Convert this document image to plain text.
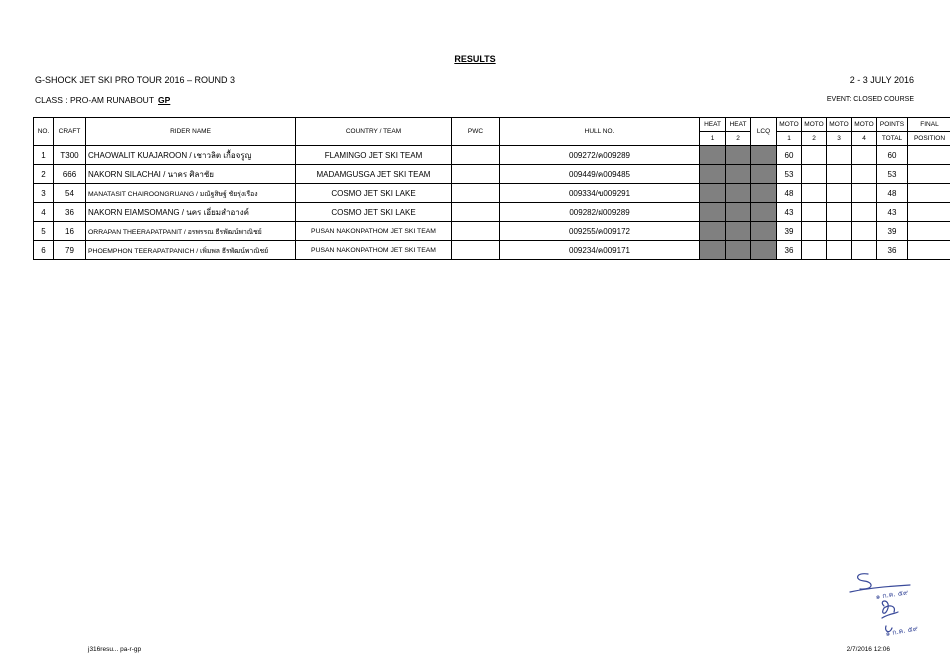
RESULTS
G-SHOCK JET SKI PRO TOUR 2016 – ROUND 3	2 - 3 JULY 2016
CLASS : PRO-AM RUNABOUT GP	EVENT: CLOSED COURSE
NO.	CRAFT	RIDER NAME	COUNTRY / TEAM	PWC	HULL NO.	HEAT	HEAT	LCQ	MOTO	MOTO	MOTO	MOTO	POINTS	FINAL
						1	2		1	2	3	4	TOTAL	POSITION
1	T300	CHAOWALIT KUAJAROON / เชาวลิต เกื้อจรูญ	FLAMINGO JET SKI TEAM		009272/ค009289				60				60	
2	666	NAKORN SILACHAI / นาคร ศิลาชัย	MADAMGUSGA JET SKI TEAM		009449/ค009485				53				53	
3	54	MANATASIT CHAIROONGRUANG / มณัฐสิษฐ์ ชัยรุ่งเรือง	COSMO JET SKI LAKE		009334/ข009291				48				48	
4	36	NAKORN EIAMSOMANG / นคร เอี่ยมสำอางค์	COSMO JET SKI LAKE		009282/ฝ009289				43				43	
5	16	ORRAPAN THEERAPATPANIT / อรพรรณ ธีรพัฒน์พาณิชย์	PUSAN NAKONPATHOM JET SKI TEAM		009255/ค009172				39				39	
6	79	PHOEMPHON TEERAPATPANICH / เพิ่มพล ธีรพัฒน์พาณิชย์	PUSAN NAKONPATHOM JET SKI TEAM		009234/ค009171				36				36	
๑ ก.ค. ๕๙
๑ ก.ค. ๕๙
j316resu... pa-r-gp	2/7/2016 12:06
